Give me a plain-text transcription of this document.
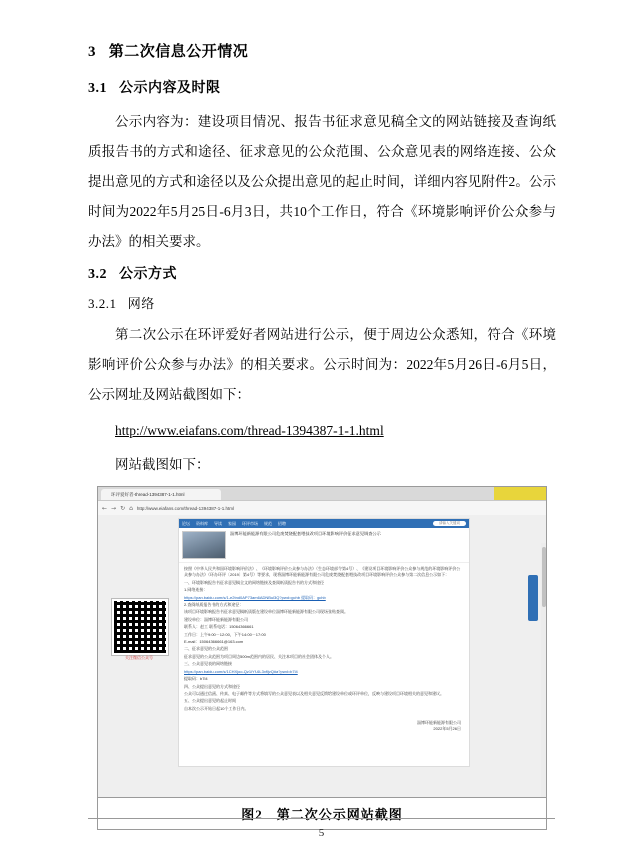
3 第二次信息公开情况
3.1 公示内容及时限

公示内容为：建设项目情况、报告书征求意见稿全文的网站链接及查询纸质报告书的方式和途径、征求意见的公众范围、公众意见表的网络连接、公众提出意见的方式和途径以及公众提出意见的起止时间，详细内容见附件2。公示时间为2022年5月25日-6月3日，共10个工作日，符合《环境影响评价公众参与办法》的相关要求。

3.2 公示方式
3.2.1 网络

第二次公示在环评爱好者网站进行公示，便于周边公众悉知，符合《环境影响评价公众参与办法》的相关要求。公示时间为：2022年5月26日-6月5日，公示网址及网站截图如下：

http://www.eiafans.com/thread-1394387-1-1.html

网站截图如下：

环评爱好者-thread-1394387-1-1.html
← → ↻ ⌂ http://www.eiafans.com/thread-1394387-1-1.html
关注微信公众号
论坛 资料库 导读 家园 环评市场 规范 招聘	请输入关键词
淄博环能新能源有限公司危废焚烧配套喂技改项目环境影响评价征求意见调查公示

按照《中华人民共和国环境影响评价法》、《环境影响评价公众参与办法》（生态环境部令第4号）、《建设项目环境影响评价公众参与规范的环境影响评价公众参与办法》（环办环评〔2019〕第4号）等要求，现将淄博环能新能源有限公司危废焚烧配套喂技改项目环境影响评价公众参与第二次信息公示如下：

一、环境影响报告书征求意见稿全文的网络链接及查阅纸质报告书的方式和途径

1.网络连接：

https://pan.baidu.com/s/1-e2tnd0AP73am6ADNBul3Q?pwd=gchb 提取码：gchb

2.查阅纸质报告书的方式和途径：

该项目环境影响报告书征求意见稿纸质版在建设单位淄博环能新能源有限公司现场张贴查阅。

建设单位：淄博环能新能源有限公司

联系人：赵工 联系电话：15064366661

工作日：上午9:00－12:00，下午14:00－17:00

E-mail：15064366661@163.com

二、征求意见的公众范围

征求意见的公众范围为项目周边500m范围内的居民、关注本项目的社会团体及个人。

三、公众意见表的网络链接

https://pan.baidu.com/s/1CHXjoo-Qz1iYf-6L3xfljvQ#a?pwd=b7l4

提取码：b7l4

四、公众提出意见的方式和途径

公众可以通过信函、传真、电子邮件等方式将填写的公众意见表以及相关意见反馈给建设单位或环评单位，反映与建设项目环境相关的意见和建议。

五、公众提出意见的起止时间

自本次公示开始日起10个工作日内。

淄博环能新能源有限公司
2022年5月26日
图2　第二次公示网站截图
5
